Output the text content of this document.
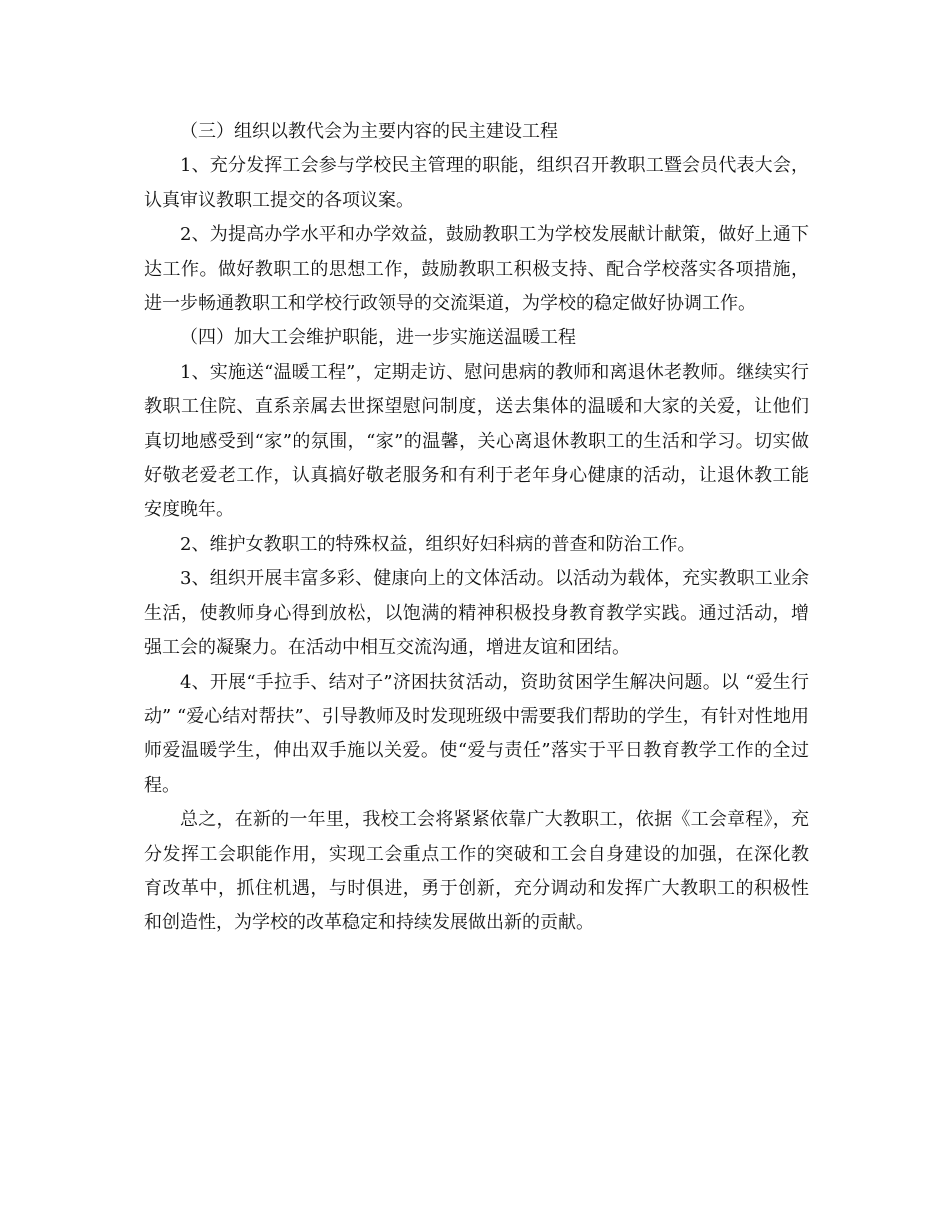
（三）组织以教代会为主要内容的民主建设工程

1、充分发挥工会参与学校民主管理的职能，组织召开教职工暨会员代表大会，认真审议教职工提交的各项议案。

2、为提高办学水平和办学效益，鼓励教职工为学校发展献计献策，做好上通下达工作。做好教职工的思想工作，鼓励教职工积极支持、配合学校落实各项措施，进一步畅通教职工和学校行政领导的交流渠道，为学校的稳定做好协调工作。

（四）加大工会维护职能，进一步实施送温暖工程

1、实施送“温暖工程”，定期走访、慰问患病的教师和离退休老教师。继续实行教职工住院、直系亲属去世探望慰问制度，送去集体的温暖和大家的关爱，让他们真切地感受到“家”的氛围，“家”的温馨，关心离退休教职工的生活和学习。切实做好敬老爱老工作，认真搞好敬老服务和有利于老年身心健康的活动，让退休教工能安度晚年。

2、维护女教职工的特殊权益，组织好妇科病的普查和防治工作。

3、组织开展丰富多彩、健康向上的文体活动。以活动为载体，充实教职工业余生活，使教师身心得到放松，以饱满的精神积极投身教育教学实践。通过活动，增强工会的凝聚力。在活动中相互交流沟通，增进友谊和团结。

4、开展“手拉手、结对子”济困扶贫活动，资助贫困学生解决问题。以 “爱生行动” “爱心结对帮扶”、引导教师及时发现班级中需要我们帮助的学生，有针对性地用师爱温暖学生，伸出双手施以关爱。使“爱与责任”落实于平日教育教学工作的全过程。

总之，在新的一年里，我校工会将紧紧依靠广大教职工，依据《工会章程》，充分发挥工会职能作用，实现工会重点工作的突破和工会自身建设的加强，在深化教育改革中，抓住机遇，与时俱进，勇于创新，充分调动和发挥广大教职工的积极性和创造性，为学校的改革稳定和持续发展做出新的贡献。
